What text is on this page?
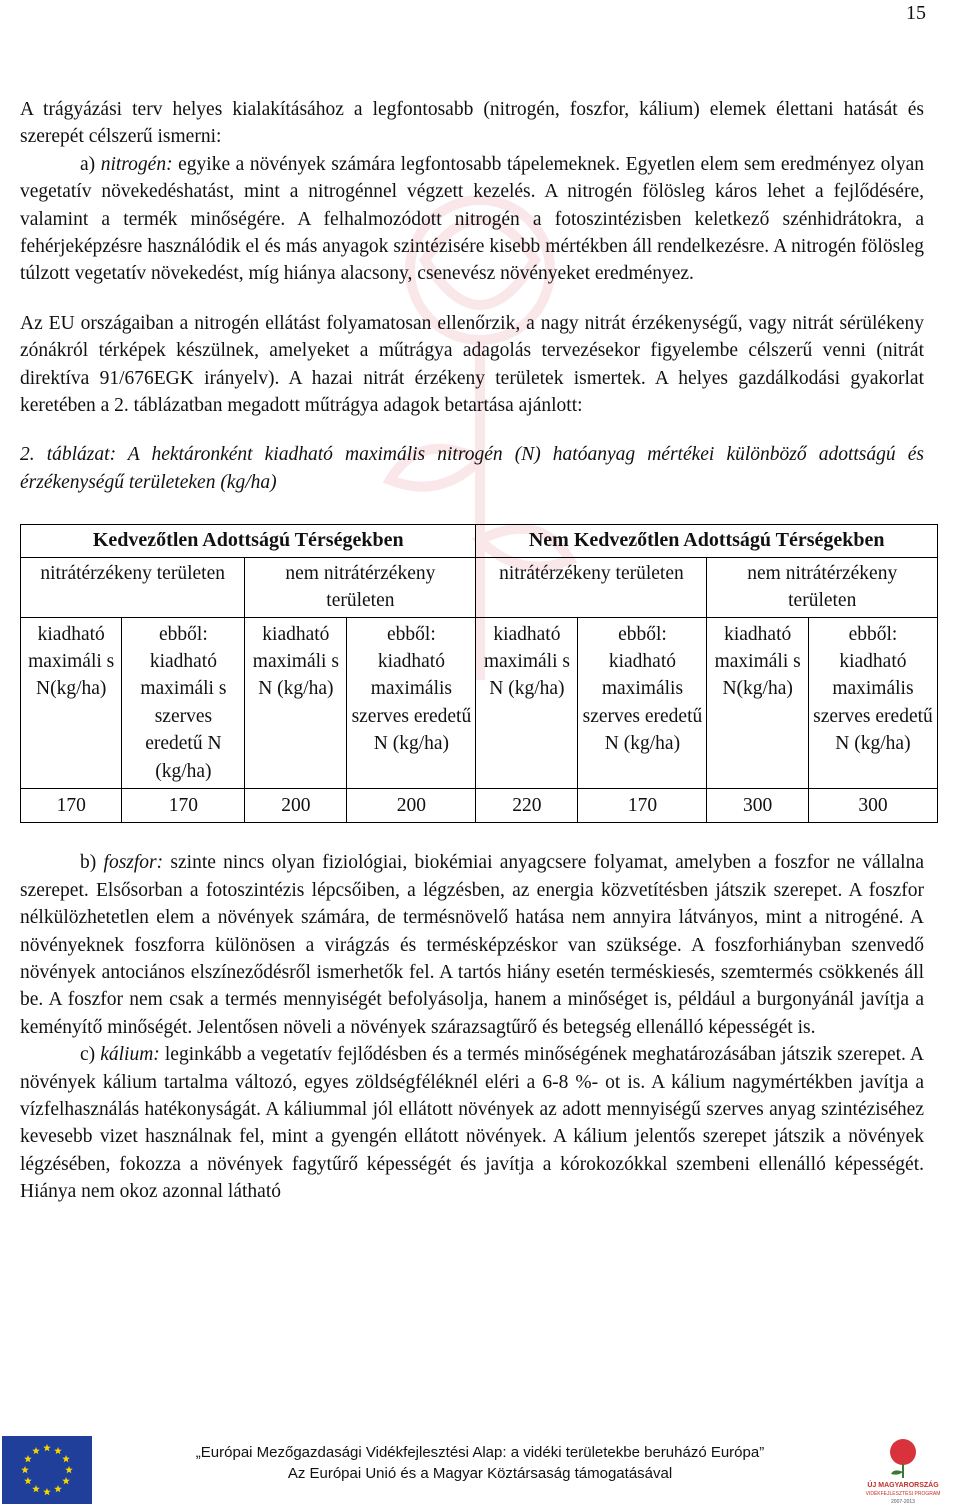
15

A trágyázási terv helyes kialakításához a legfontosabb (nitrogén, foszfor, kálium) elemek élettani hatását és szerepét célszerű ismerni:

a) nitrogén: egyike a növények számára legfontosabb tápelemeknek. Egyetlen elem sem eredményez olyan vegetatív növekedéshatást, mint a nitrogénnel végzett kezelés. A nitrogén fölösleg káros lehet a fejlődésére, valamint a termék minőségére. A felhalmozódott nitrogén a fotoszintézisben keletkező szénhidrátokra, a fehérjeképzésre használódik el és más anyagok szintézisére kisebb mértékben áll rendelkezésre. A nitrogén fölösleg túlzott vegetatív növekedést, míg hiánya alacsony, csenevész növényeket eredményez.

Az EU országaiban a nitrogén ellátást folyamatosan ellenőrzik, a nagy nitrát érzékenységű, vagy nitrát sérülékeny zónákról térképek készülnek, amelyeket a műtrágya adagolás tervezésekor figyelembe célszerű venni (nitrát direktíva 91/676EGK irányelv). A hazai nitrát érzékeny területek ismertek. A helyes gazdálkodási gyakorlat keretében a 2. táblázatban megadott műtrágya adagok betartása ajánlott:

2. táblázat: A hektáronként kiadható maximális nitrogén (N) hatóanyag mértékei különböző adottságú és érzékenységű területeken (kg/ha)

Kedvezőtlen Adottságú Térségekben				Nem Kedvezőtlen Adottságú Térségekben			
nitrátérzékeny területen		nem nitrátérzékeny területen		nitrátérzékeny területen		nem nitrátérzékeny területen	
kiadható maximáli s N(kg/ha)	ebből: kiadható maximáli s szerves eredetű N (kg/ha)	kiadható maximáli s N (kg/ha)	ebből: kiadható maximális szerves eredetű N (kg/ha)	kiadható maximáli s N (kg/ha)	ebből: kiadható maximális szerves eredetű N (kg/ha)	kiadható maximáli s N(kg/ha)	ebből: kiadható maximális szerves eredetű N (kg/ha)
170	170	200	200	220	170	300	300

b) foszfor: szinte nincs olyan fiziológiai, biokémiai anyagcsere folyamat, amelyben a foszfor ne vállalna szerepet. Elsősorban a fotoszintézis lépcsőiben, a légzésben, az energia közvetítésben játszik szerepet. A foszfor nélkülözhetetlen elem a növények számára, de termésnövelő hatása nem annyira látványos, mint a nitrogéné. A növényeknek foszforra különösen a virágzás és termésképzéskor van szüksége. A foszforhiányban szenvedő növények antociános elszíneződésről ismerhetők fel. A tartós hiány esetén terméskiesés, szemtermés csökkenés áll be. A foszfor nem csak a termés mennyiségét befolyásolja, hanem a minőséget is, például a burgonyánál javítja a keményítő minőségét. Jelentősen növeli a növények szárazsagtűrő és betegség ellenálló képességét is.

c) kálium: leginkább a vegetatív fejlődésben és a termés minőségének meghatározásában játszik szerepet. A növények kálium tartalma változó, egyes zöldségféléknél eléri a 6-8 %- ot is. A kálium nagymértékben javítja a vízfelhasználás hatékonyságát. A káliummal jól ellátott növények az adott mennyiségű szerves anyag szintéziséhez kevesebb vizet használnak fel, mint a gyengén ellátott növények. A kálium jelentős szerepet játszik a növények légzésében, fokozza a növények fagytűrő képességét és javítja a kórokozókkal szembeni ellenálló képességét. Hiánya nem okoz azonnal látható

„Európai Mezőgazdasági Vidékfejlesztési Alap: a vidéki területekbe beruházó Európa”
Az Európai Unió és a Magyar Köztársaság támogatásával
ÚJ MAGYARORSZÁG
VIDÉKFEJLESZTÉSI PROGRAM
2007-2013
